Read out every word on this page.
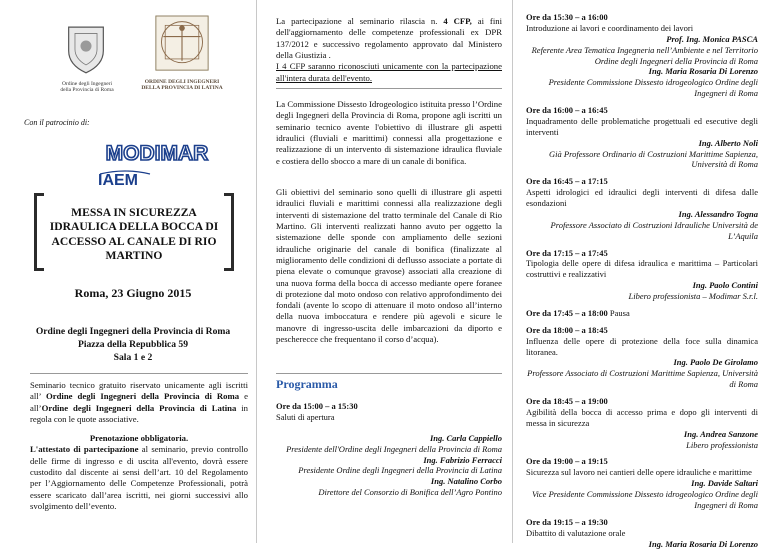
Ordine degli Ingegneri
della Provincia di Roma
ORDINE DEGLI INGEGNERI
DELLA PROVINCIA DI LATINA
Con il patrocinio di:
MODIMAR
IAEM
MESSA IN SICUREZZA IDRAULICA DELLA BOCCA DI ACCESSO AL CANALE DI RIO MARTINO
Roma, 23 Giugno 2015
Ordine degli Ingegneri della Provincia di Roma
Piazza della Repubblica 59
Sala 1 e 2
Seminario tecnico gratuito riservato unicamente agli iscritti all’ Ordine degli Ingegneri della Provincia di Roma e all’Ordine degli Ingegneri della Provincia di Latina in regola con le quote associative.

Prenotazione obbligatoria.

L'attestato di partecipazione al seminario, previo controllo delle firme di ingresso e di uscita all'evento, dovrà essere custodito dal discente ai sensi dell’art. 10 del Regolamento per l’Aggiornamento delle Competenze Professionali, potrà essere scaricato dall’area iscritti, nei giorni successivi allo svolgimento dell’evento.

La partecipazione al seminario rilascia n. 4 CFP, ai fini dell'aggiornamento delle competenze professionali ex DPR 137/2012 e successivo regolamento approvato dal Ministero della Giustizia .
I 4 CFP saranno riconosciuti unicamente con la partecipazione all'intera durata dell'evento.
La Commissione Dissesto Idrogeologico istituita presso l’Ordine degli Ingegneri della Provincia di Roma, propone agli iscritti un seminario tecnico avente l'obiettivo di illustrare gli aspetti idraulici (fluviali e marittimi) connessi alla progettazione e realizzazione di un intervento di sistemazione idraulica fluviale e costiera dello sbocco a mare di un canale di bonifica.
Gli obiettivi del seminario sono quelli di illustrare gli aspetti idraulici fluviali e marittimi connessi alla realizzazione degli interventi di sistemazione del tratto terminale del Canale di Rio Martino. Gli interventi realizzati hanno avuto per oggetto la sistemazione delle sponde con ampliamento delle sezioni idrauliche originarie del canale di bonifica (finalizzate al miglioramento delle condizioni di deflusso associate a portate di piena elevate o comunque gravose) associati alla creazione di una nuova forma della bocca di accesso mediante opere foranee di protezione dal moto ondoso con relativo approfondimento dei fondali (avente lo scopo di attenuare il moto ondoso all’interno della nuova imboccatura e rendere più agevoli e sicure le manovre di ingresso-uscita delle imbarcazioni da diporto e pescherecce che frequentano il corso d’acqua).
Programma
Ore da 15:00 – a 15:30
Saluti di apertura
Ing. Carla Cappiello
Presidente dell'Ordine degli Ingegneri della Provincia di Roma
Ing. Fabrizio Ferracci
Presidente Ordine degli Ingegneri della Provincia di Latina
Ing. Natalino Corbo
Direttore del Consorzio di Bonifica dell’Agro Pontino
Ore da 15:30 – a 16:00
Introduzione ai lavori e coordinamento dei lavori
Prof. Ing. Monica PASCA
Referente Area Tematica Ingegneria nell’Ambiente e nel Territorio Ordine degli Ingegneri della Provincia di Roma
Ing. Maria Rosaria Di Lorenzo
Presidente Commissione Dissesto idrogeologico Ordine degli Ingegneri di Roma
Ore da 16:00 – a 16:45
Inquadramento delle problematiche progettuali ed esecutive degli interventi
Ing. Alberto Noli
Già Professore Ordinario di Costruzioni Marittime Sapienza, Università di Roma
Ore da 16:45 – a 17:15
Aspetti idrologici ed idraulici degli interventi di difesa dalle esondazioni
Ing. Alessandro Togna
Professore Associato di Costruzioni Idrauliche Università de L’Aquila
Ore da 17:15 – a 17:45
Tipologia delle opere di difesa idraulica e marittima – Particolari costruttivi e realizzativi
Ing. Paolo Contini
Libero professionista – Modimar S.r.l.
Ore da 17:45 – a 18:00 Pausa
Ore da 18:00 – a 18:45
Influenza delle opere di protezione della foce sulla dinamica litoranea.
Ing. Paolo De Girolamo
Professore Associato di Costruzioni Marittime Sapienza, Università di Roma
Ore da 18:45 – a 19:00
Agibilità della bocca di accesso prima e dopo gli interventi di messa in sicurezza
Ing. Andrea Sanzone
Libero professionista
Ore da 19:00 – a 19:15
Sicurezza sul lavoro nei cantieri delle opere idrauliche e marittime
Ing. Davide Saltari
Vice Presidente Commissione Dissesto idrogeologico Ordine degli Ingegneri di Roma
Ore da 19:15 – a 19:30
Dibattito di valutazione orale
Ing. Maria Rosaria Di Lorenzo
